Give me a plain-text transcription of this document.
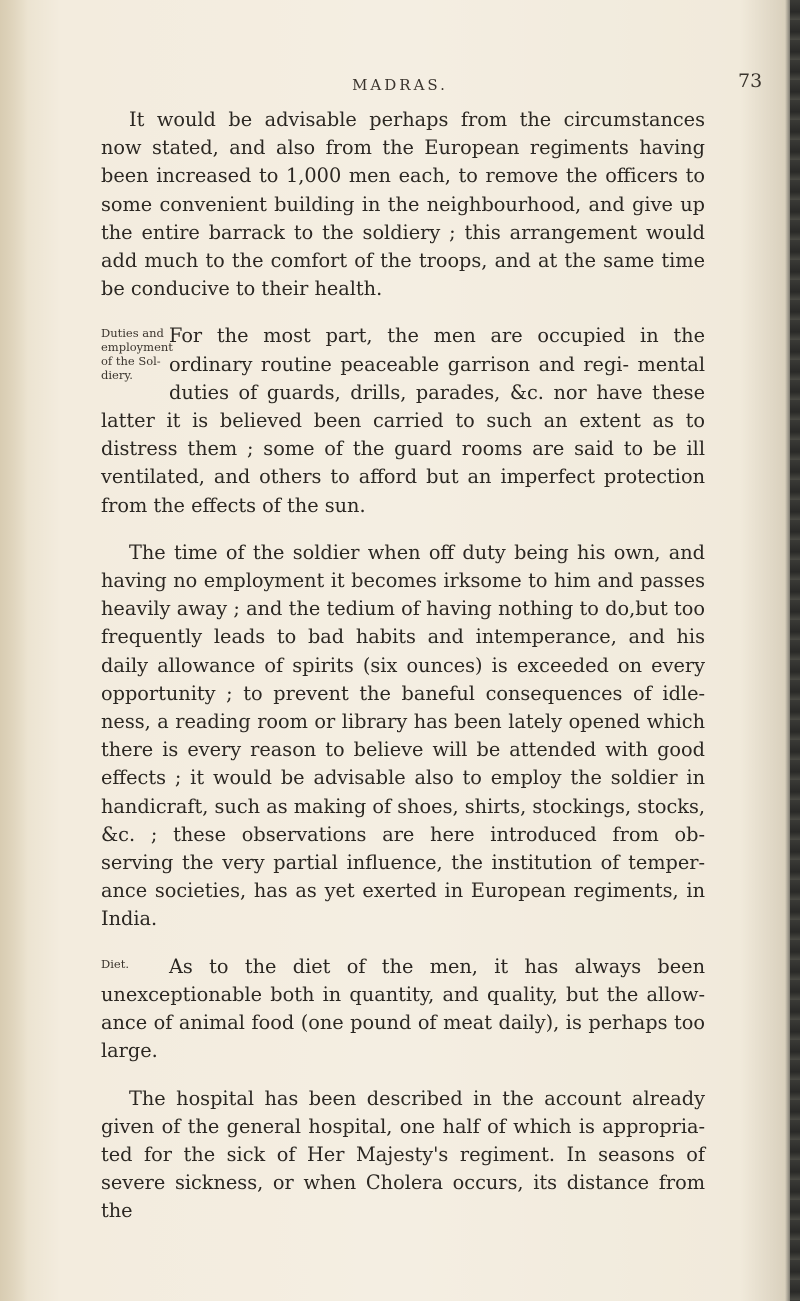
MADRAS.	73

It would be advisable perhaps from the circumstances now stated, and also from the European regiments having been increased to 1,000 men each, to remove the officers to some convenient building in the neighbourhood, and give up the entire barrack to the soldiery ; this arrangement would add much to the comfort of the troops, and at the same time be conducive to their health.

Duties and employment of the Sol- diery.

For the most part, the men are occupied in the ordinary routine peaceable garrison and regi- mental duties of guards, drills, parades, &c. nor have these latter it is believed been carried to such an extent as to distress them ; some of the guard rooms are said to be ill ventilated, and others to afford but an imperfect protection from the effects of the sun.

The time of the soldier when off duty being his own, and having no employment it becomes irksome to him and passes heavily away ; and the tedium of having nothing to do,but too frequently leads to bad habits and intemperance, and his daily allowance of spirits (six ounces) is exceeded on every opportunity ; to prevent the baneful consequences of idle- ness, a reading room or library has been lately opened which there is every reason to believe will be attended with good effects ; it would be advisable also to employ the soldier in handicraft, such as making of shoes, shirts, stockings, stocks, &c. ; these observations are here introduced from ob- serving the very partial influence, the institution of temper- ance societies, has as yet exerted in European regiments, in India.

Diet.	As to the diet of the men, it has always been unexceptionable both in quantity, and quality, but the allow- ance of animal food (one pound of meat daily), is perhaps too large.

The hospital has been described in the account already given of the general hospital, one half of which is appropria- ted for the sick of Her Majesty's regiment. In seasons of severe sickness, or when Cholera occurs, its distance from the
